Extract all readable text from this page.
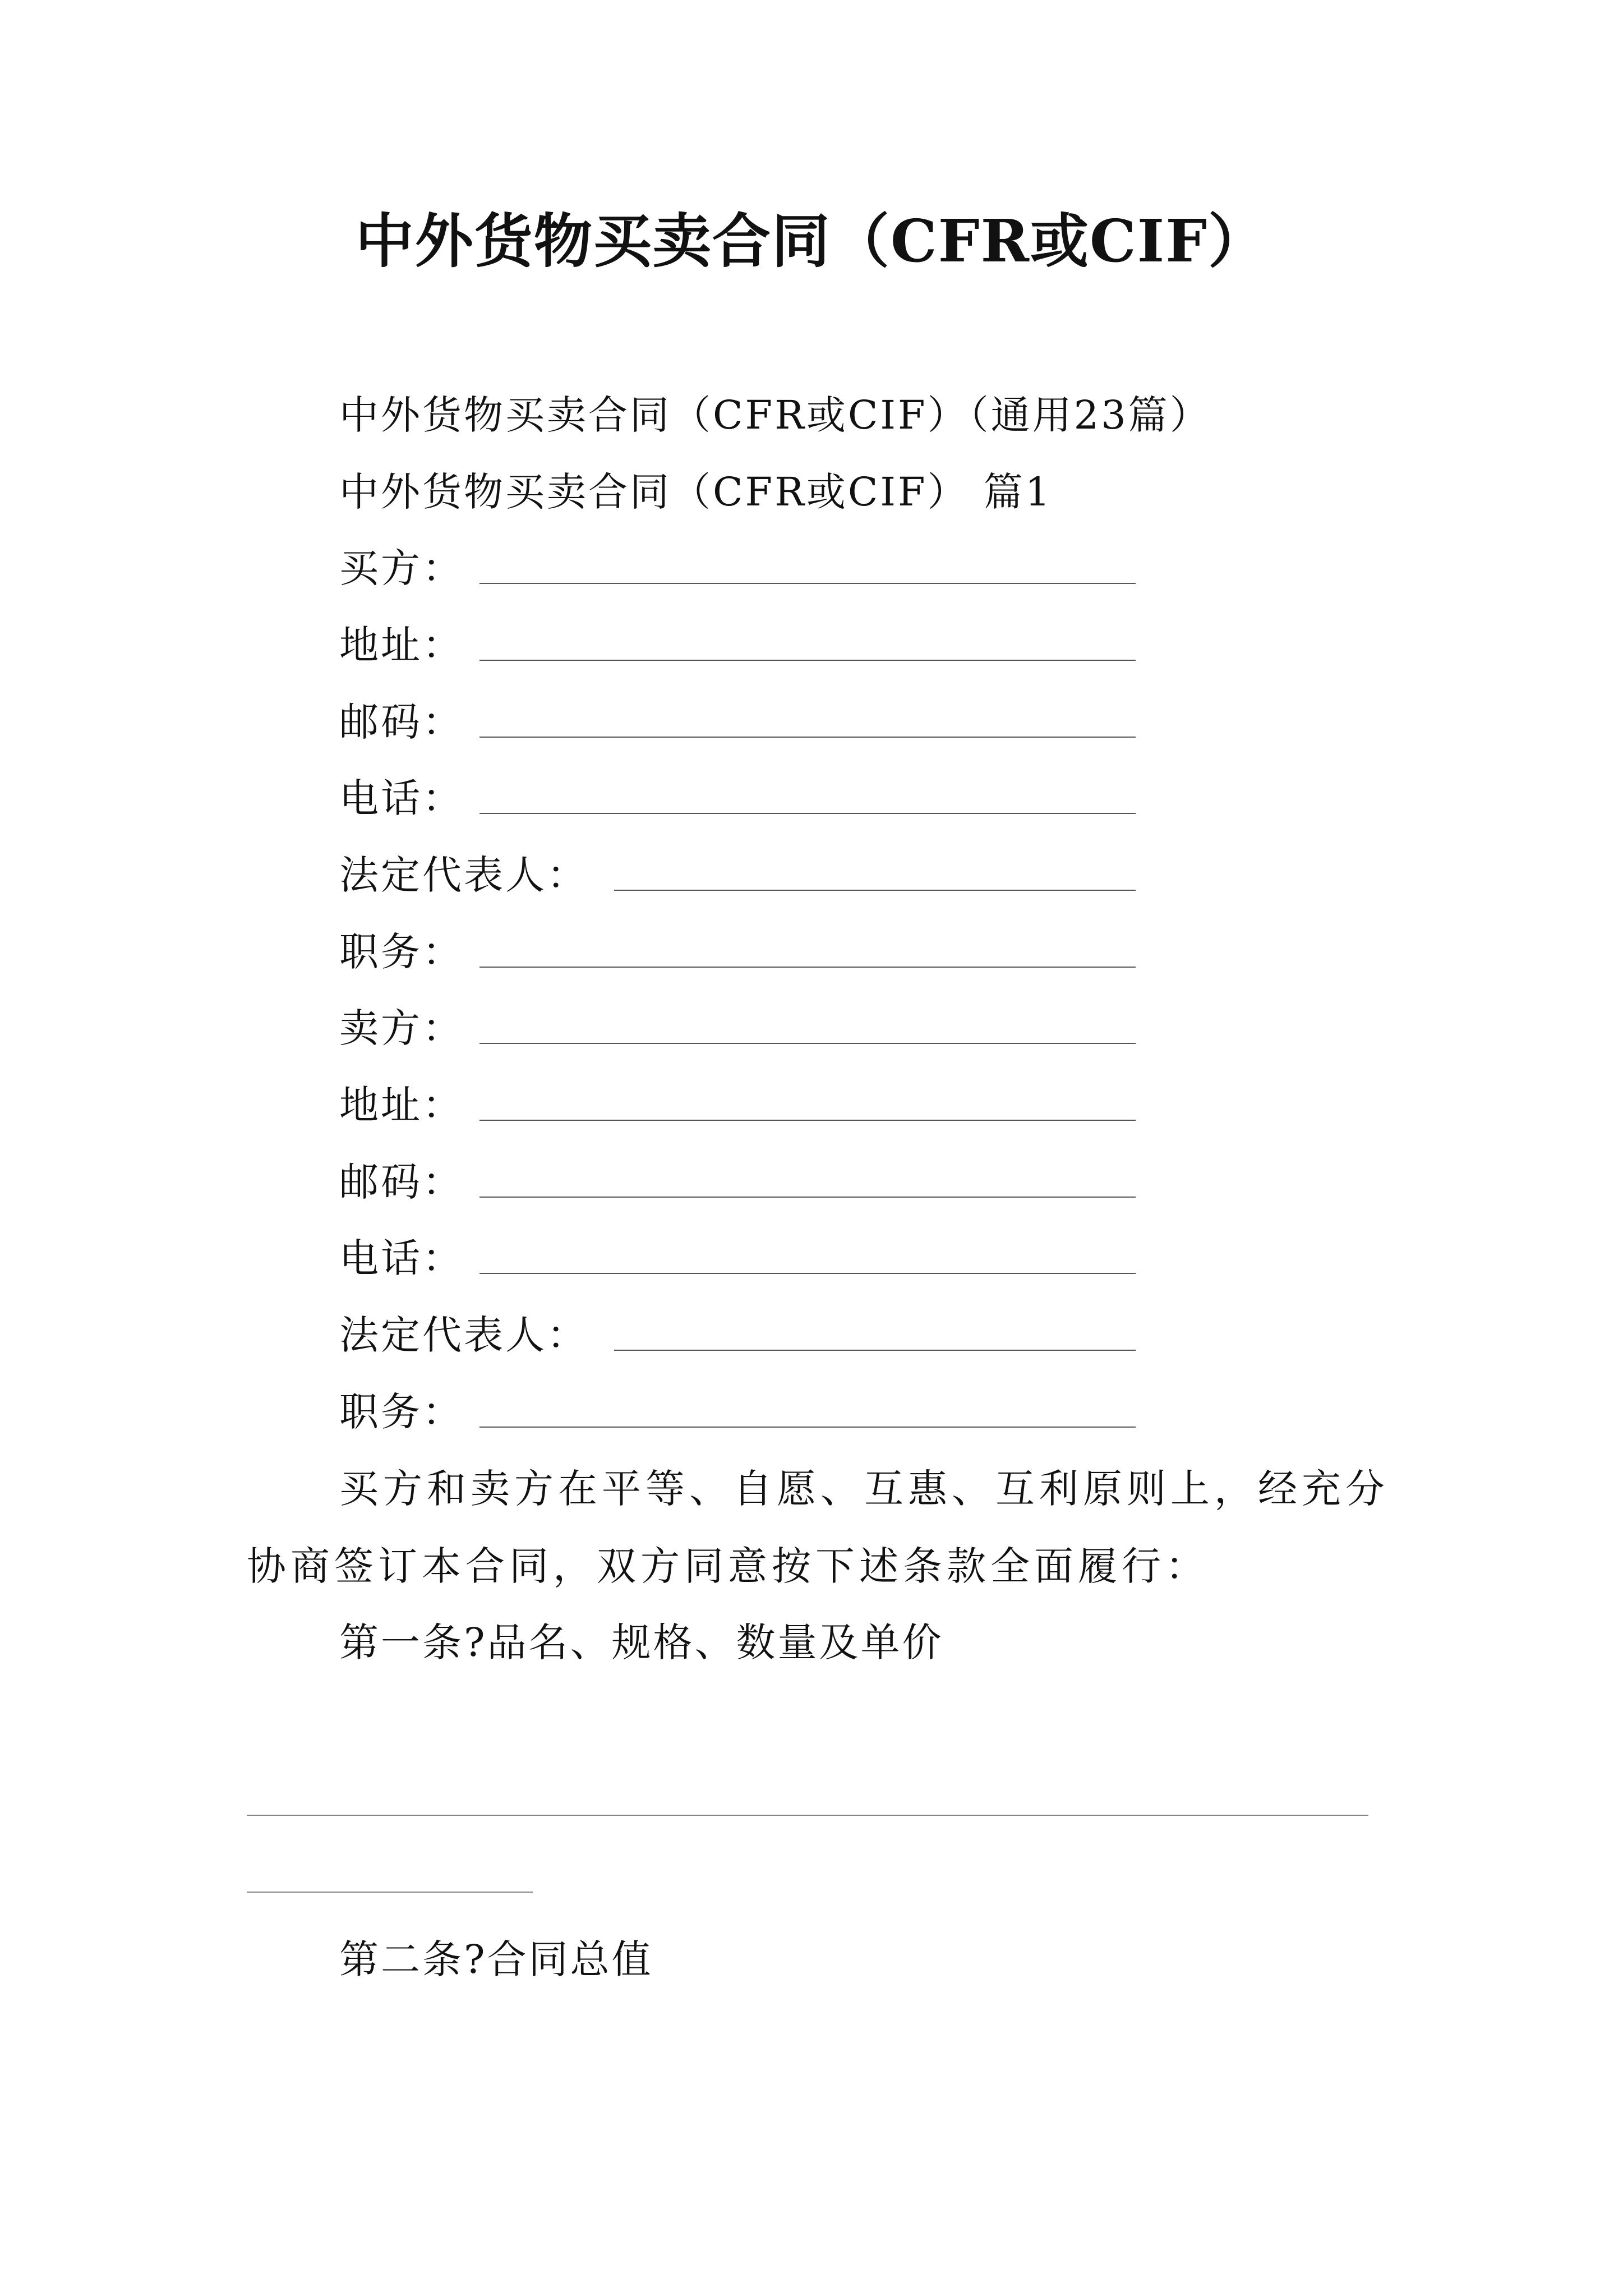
中外货物买卖合同（CFR或CIF）
中外货物买卖合同（CFR或CIF）（通用23篇）
中外货物买卖合同（CFR或CIF） 篇1
买方：
地址：
邮码：
电话：
法定代表人：
职务：
卖方：
地址：
邮码：
电话：
法定代表人：
职务：
买方和卖方在平等、自愿、互惠、互利原则上，经充分协商签订本合同，双方同意按下述条款全面履行：
第一条?品名、规格、数量及单价
第二条?合同总值
